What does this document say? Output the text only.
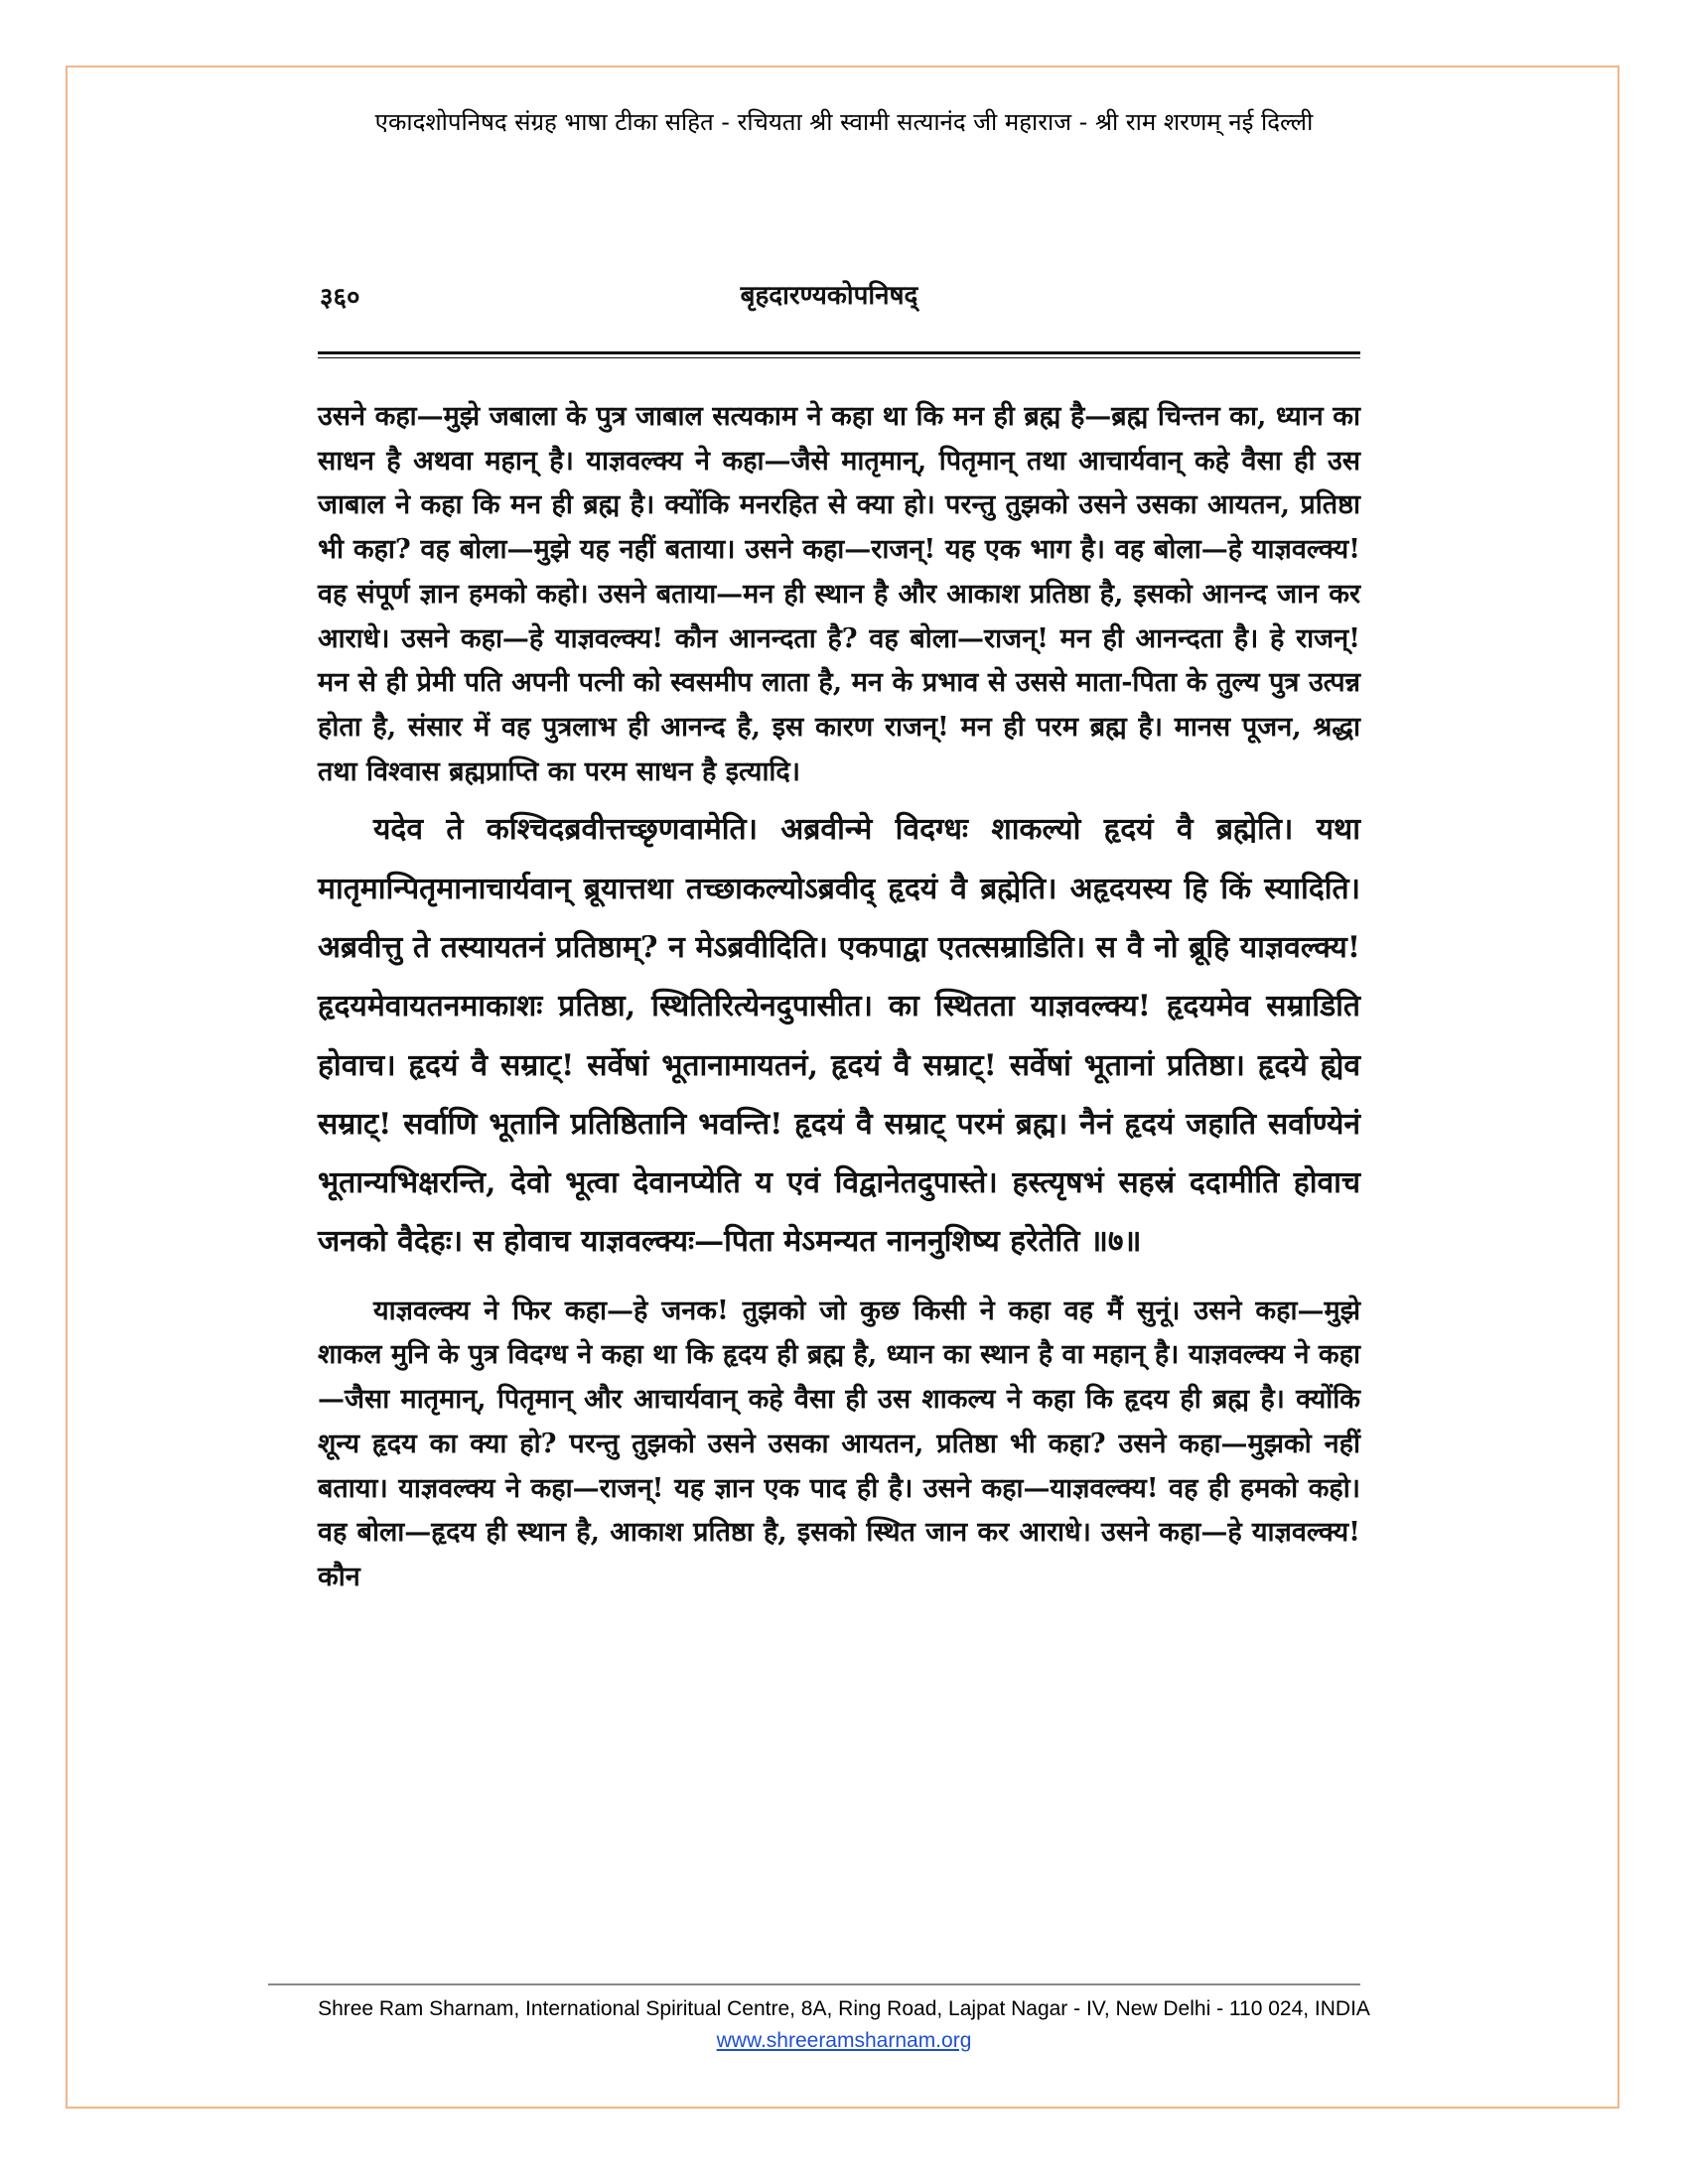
एकादशोपनिषद संग्रह भाषा टीका सहित - रचियता श्री स्वामी सत्यानंद जी महाराज - श्री राम शरणम् नई दिल्ली
३६०	बृहदारण्यकोपनिषद्

उसने कहा—मुझे जबाला के पुत्र जाबाल सत्यकाम ने कहा था कि मन ही ब्रह्म है—ब्रह्म चिन्तन का, ध्यान का साधन है अथवा महान् है। याज्ञवल्क्य ने कहा—जैसे मातृमान्, पितृमान् तथा आचार्यवान् कहे वैसा ही उस जाबाल ने कहा कि मन ही ब्रह्म है। क्योंकि मनरहित से क्या हो। परन्तु तुझको उसने उसका आयतन, प्रतिष्ठा भी कहा? वह बोला—मुझे यह नहीं बताया। उसने कहा—राजन्! यह एक भाग है। वह बोला—हे याज्ञवल्क्य! वह संपूर्ण ज्ञान हमको कहो। उसने बताया—मन ही स्थान है और आकाश प्रतिष्ठा है, इसको आनन्द जान कर आराधे। उसने कहा—हे याज्ञवल्क्य! कौन आनन्दता है? वह बोला—राजन्! मन ही आनन्दता है। हे राजन्! मन से ही प्रेमी पति अपनी पत्नी को स्वसमीप लाता है, मन के प्रभाव से उससे माता-पिता के तुल्य पुत्र उत्पन्न होता है, संसार में वह पुत्रलाभ ही आनन्द है, इस कारण राजन्! मन ही परम ब्रह्म है। मानस पूजन, श्रद्धा तथा विश्वास ब्रह्मप्राप्ति का परम साधन है इत्यादि।

यदेव ते कश्चिदब्रवीत्तच्छृणवामेति। अब्रवीन्मे विदग्धः शाकल्यो हृदयं वै ब्रह्मेति। यथा मातृमान्पितृमानाचार्यवान् ब्रूयात्तथा तच्छाकल्योऽब्रवीद् हृदयं वै ब्रह्मेति। अहृदयस्य हि किं स्यादिति। अब्रवीत्तु ते तस्यायतनं प्रतिष्ठाम्? न मेऽब्रवीदिति। एकपाद्वा एतत्सम्राडिति। स वै नो ब्रूहि याज्ञवल्क्य! हृदयमेवायतनमाकाशः प्रतिष्ठा, स्थितिरित्येनदुपासीत। का स्थितता याज्ञवल्क्य! हृदयमेव सम्राडिति होवाच। हृदयं वै सम्राट्! सर्वेषां भूतानामायतनं, हृदयं वै सम्राट्! सर्वेषां भूतानां प्रतिष्ठा। हृदये ह्येव सम्राट्! सर्वाणि भूतानि प्रतिष्ठितानि भवन्ति! हृदयं वै सम्राट् परमं ब्रह्म। नैनं हृदयं जहाति सर्वाण्येनं भूतान्यभिक्षरन्ति, देवो भूत्वा देवानप्येति य एवं विद्वानेतदुपास्ते। हस्त्यृषभं सहस्रं ददामीति होवाच जनको वैदेहः। स होवाच याज्ञवल्क्यः—पिता मेऽमन्यत नाननुशिष्य हरेतेति ॥७॥

याज्ञवल्क्य ने फिर कहा—हे जनक! तुझको जो कुछ किसी ने कहा वह मैं सुनूं। उसने कहा—मुझे शाकल मुनि के पुत्र विदग्ध ने कहा था कि हृदय ही ब्रह्म है, ध्यान का स्थान है वा महान् है। याज्ञवल्क्य ने कहा—जैसा मातृमान्, पितृमान् और आचार्यवान् कहे वैसा ही उस शाकल्य ने कहा कि हृदय ही ब्रह्म है। क्योंकि शून्य हृदय का क्या हो? परन्तु तुझको उसने उसका आयतन, प्रतिष्ठा भी कहा? उसने कहा—मुझको नहीं बताया। याज्ञवल्क्य ने कहा—राजन्! यह ज्ञान एक पाद ही है। उसने कहा—याज्ञवल्क्य! वह ही हमको कहो। वह बोला—हृदय ही स्थान है, आकाश प्रतिष्ठा है, इसको स्थित जान कर आराधे। उसने कहा—हे याज्ञवल्क्य! कौन

Shree Ram Sharnam, International Spiritual Centre, 8A, Ring Road, Lajpat Nagar - IV, New Delhi - 110 024, INDIA
www.shreeramsharnam.org
